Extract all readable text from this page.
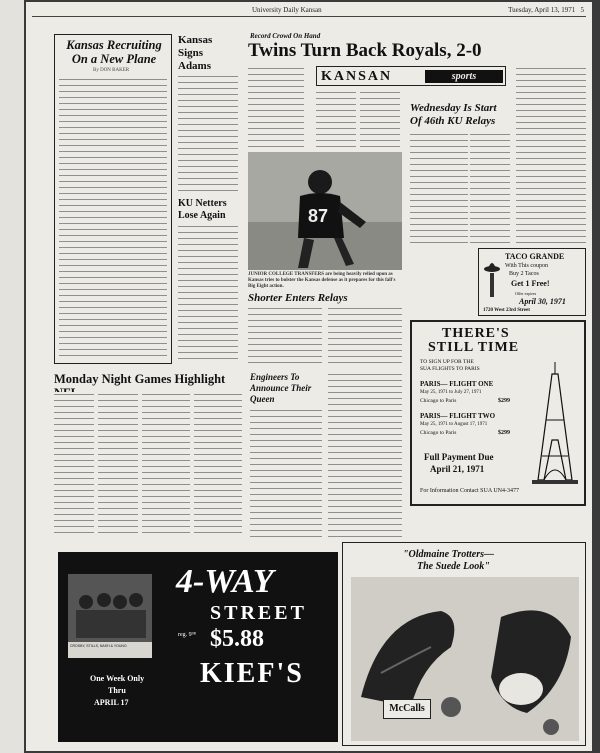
University Daily Kansan	Tuesday, April 13, 1971 5
Kansas Recruiting On a New Plane
By DON BAKER
Kansas Signs Adams
KU Netters Lose Again
Record Crowd On Hand
Twins Turn Back Royals, 2-0
KANSAN	sports
87
JUNIOR COLLEGE TRANSFERS are being heavily relied upon as Kansas tries to bolster the Kansas defense as it prepares for this fall's Big Eight action.
Shorter Enters Relays
Engineers To Announce Their Queen
Wednesday Is Start Of 46th KU Relays
TACO GRANDE
With This coupon
Buy 2 Tacos
Get 1 Free!
Offer expires
April 30, 1971
1720 West 23rd Street
THERE'S
STILL TIME
TO SIGN UP FOR THE
SUA FLIGHTS TO PARIS
PARIS— FLIGHT ONE
May 25, 1971 to July 27, 1971
Chicago to Paris	$299
PARIS— FLIGHT TWO
May 25, 1971 to August 17, 1971
Chicago to Paris	$299
Full Payment Due
April 21, 1971
For Information Contact SUA UN4-3477
Monday Night Games Highlight
CROSBY, STILLS, NASH & YOUNG
4-WAY
STREET
reg. 9⁹⁸ $5.88
KIEF'S
One Week Only
Thru
APRIL 17
"Oldmaine Trotters—
The Suede Look"
McCalls
